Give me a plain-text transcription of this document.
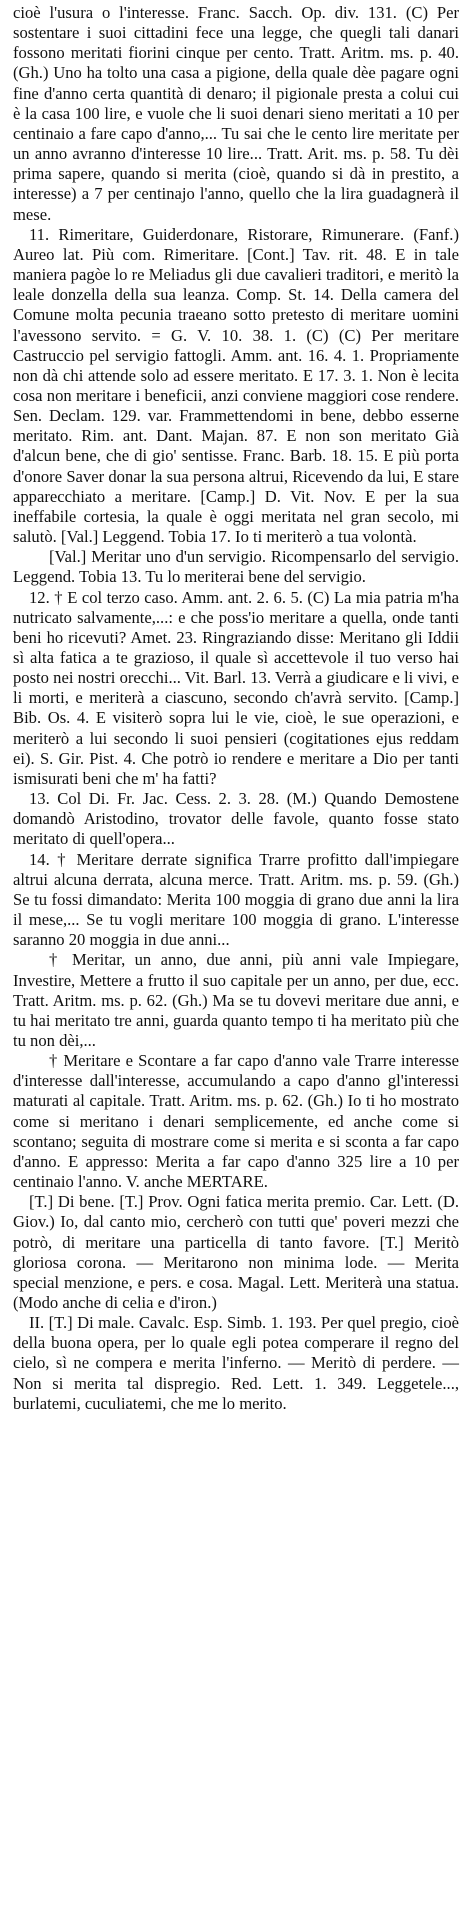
cioè l'usura o l'interesse. Franc. Sacch. Op. div. 131. (C) Per sostentare i suoi cittadini fece una legge, che quegli tali danari fossono meritati fiorini cinque per cento. Tratt. Aritm. ms. p. 40. (Gh.) Uno ha tolto una casa a pigione, della quale dèe pagare ogni fine d'anno certa quantità di denaro; il pigionale presta a colui cui è la casa 100 lire, e vuole che li suoi denari sieno meritati a 10 per centinaio a fare capo d'anno,... Tu sai che le cento lire meritate per un anno avranno d'interesse 10 lire... Tratt. Arit. ms. p. 58. Tu dèi prima sapere, quando si merita (cioè, quando si dà in prestito, a interesse) a 7 per centinajo l'anno, quello che la lira guadagnerà il mese.

11. Rimeritare, Guiderdonare, Ristorare, Rimunerare. (Fanf.) Aureo lat. Più com. Rimeritare. [Cont.] Tav. rit. 48. E in tale maniera pagòe lo re Meliadus gli due cavalieri traditori, e meritò la leale donzella della sua leanza. Comp. St. 14. Della camera del Comune molta pecunia traeano sotto pretesto di meritare uomini l'avessono servito. = G. V. 10. 38. 1. (C) (C) Per meritare Castruccio pel servigio fattogli. Amm. ant. 16. 4. 1. Propriamente non dà chi attende solo ad essere meritato. E 17. 3. 1. Non è lecita cosa non meritare i beneficii, anzi conviene maggiori cose rendere. Sen. Declam. 129. var. Frammettendomi in bene, debbo esserne meritato. Rim. ant. Dant. Majan. 87. E non son meritato Già d'alcun bene, che di gio' sentisse. Franc. Barb. 18. 15. E più porta d'onore Saver donar la sua persona altrui, Ricevendo da lui, E stare apparecchiato a meritare. [Camp.] D. Vit. Nov. E per la sua ineffabile cortesia, la quale è oggi meritata nel gran secolo, mi salutò. [Val.] Leggend. Tobia 17. Io ti meriterò a tua volontà.

[Val.] Meritar uno d'un servigio. Ricompensarlo del servigio. Leggend. Tobia 13. Tu lo meriterai bene del servigio.

12. † E col terzo caso. Amm. ant. 2. 6. 5. (C) La mia patria m'ha nutricato salvamente,...: e che poss'io meritare a quella, onde tanti beni ho ricevuti? Amet. 23. Ringraziando disse: Meritano gli Iddii sì alta fatica a te grazioso, il quale sì accettevole il tuo verso hai posto nei nostri orecchi... Vit. Barl. 13. Verrà a giudicare e li vivi, e li morti, e meriterà a ciascuno, secondo ch'avrà servito. [Camp.] Bib. Os. 4. E visiterò sopra lui le vie, cioè, le sue operazioni, e meriterò a lui secondo li suoi pensieri (cogitationes ejus reddam ei). S. Gir. Pist. 4. Che potrò io rendere e meritare a Dio per tanti ismisurati beni che m' ha fatti?

13. Col Di. Fr. Jac. Cess. 2. 3. 28. (M.) Quando Demostene domandò Aristodino, trovator delle favole, quanto fosse stato meritato di quell'opera...

14. † Meritare derrate significa Trarre profitto dall'impiegare altrui alcuna derrata, alcuna merce. Tratt. Aritm. ms. p. 59. (Gh.) Se tu fossi dimandato: Merita 100 moggia di grano due anni la lira il mese,... Se tu vogli meritare 100 moggia di grano. L'interesse saranno 20 moggia in due anni...

† Meritar, un anno, due anni, più anni vale Impiegare, Investire, Mettere a frutto il suo capitale per un anno, per due, ecc. Tratt. Aritm. ms. p. 62. (Gh.) Ma se tu dovevi meritare due anni, e tu hai meritato tre anni, guarda quanto tempo ti ha meritato più che tu non dèi,...

† Meritare e Scontare a far capo d'anno vale Trarre interesse d'interesse dall'interesse, accumulando a capo d'anno gl'interessi maturati al capitale. Tratt. Aritm. ms. p. 62. (Gh.) Io ti ho mostrato come si meritano i denari semplicemente, ed anche come si scontano; seguita di mostrare come si merita e si sconta a far capo d'anno. E appresso: Merita a far capo d'anno 325 lire a 10 per centinaio l'anno. V. anche MERTARE.

[T.] Di bene. [T.] Prov. Ogni fatica merita premio. Car. Lett. (D. Giov.) Io, dal canto mio, cercherò con tutti que' poveri mezzi che potrò, di meritare una particella di tanto favore. [T.] Meritò gloriosa corona. — Meritarono non minima lode. — Merita special menzione, e pers. e cosa. Magal. Lett. Meriterà una statua. (Modo anche di celia e d'iron.)

II. [T.] Di male. Cavalc. Esp. Simb. 1. 193. Per quel pregio, cioè della buona opera, per lo quale egli potea comperare il regno del cielo, sì ne compera e merita l'inferno. — Meritò di perdere. — Non si merita tal dispregio. Red. Lett. 1. 349. Leggetele..., burlatemi, cuculiatemi, che me lo merito.
